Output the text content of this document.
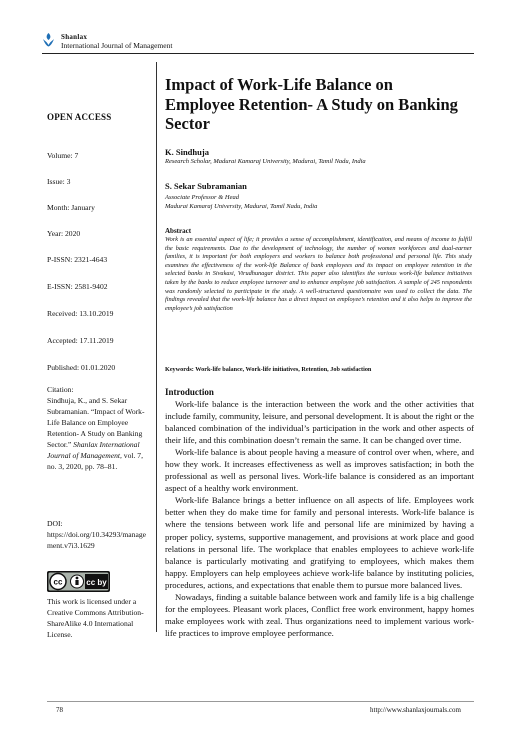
Shanlax
International Journal of Management
OPEN ACCESS
Volume: 7
Issue: 3
Month: January
Year: 2020
P-ISSN: 2321-4643
E-ISSN: 2581-9402
Received: 13.10.2019
Accepted: 17.11.2019
Published: 01.01.2020
Citation:
Sindhuja, K., and S. Sekar Subramanian. “Impact of Work-Life Balance on Employee Retention- A Study on Banking Sector.” Shanlax International Journal of Management, vol. 7, no. 3, 2020, pp. 78–81.
DOI:
https://doi.org/10.34293/management.v7i3.1629
cc	cc by
This work is licensed under a Creative Commons Attribution-ShareAlike 4.0 International License.
Impact of Work-Life Balance on Employee Retention- A Study on Banking Sector
K. Sindhuja
Research Scholar, Madurai Kamaraj University, Madurai, Tamil Nadu, India
S. Sekar Subramanian
Associate Professor & Head
Madurai Kamaraj University, Madurai, Tamil Nadu, India
Abstract
Work is an essential aspect of life; it provides a sense of accomplishment, identification, and means of income to fulfill the basic requirements. Due to the development of technology, the number of women workforces and dual-earner families, it is important for both employers and workers to balance both professional and personal life. This study examines the effectiveness of the work-life Balance of bank employees and its impact on employee retention in the selected banks in Sivakasi, Virudhunagar district. This paper also identifies the various work-life balance initiatives taken by the banks to reduce employee turnover and to enhance employee job satisfaction. A sample of 245 respondents was randomly selected to participate in the study. A well-structured questionnaire was used to collect the data. The findings revealed that the work-life balance has a direct impact on employee’s retention and it also helps to improve the employee’s job satisfaction
Keywords: Work-life balance, Work-life initiatives, Retention, Job satisfaction
Introduction

Work-life balance is the interaction between the work and the other activities that include family, community, leisure, and personal development. It is about the right or the balanced combination of the individual’s participation in the work and other aspects of their life, and this combination doesn’t remain the same. It can be changed over time.

Work-life balance is about people having a measure of control over when, where, and how they work. It increases effectiveness as well as improves satisfaction; in both the professional as well as personal lives. Work-life balance is considered as an important aspect of a healthy work environment.

Work-life Balance brings a better influence on all aspects of life. Employees work better when they do make time for family and personal interests. Work-life balance is where the tensions between work life and personal life are minimized by having a proper policy, systems, supportive management, and provisions at work place and good relations in personal life. The workplace that enables employees to achieve work-life balance is particularly motivating and gratifying to employees, which makes them happy. Employers can help employees achieve work-life balance by instituting policies, procedures, actions, and expectations that enable them to pursue more balanced lives.

Nowadays, finding a suitable balance between work and family life is a big challenge for the employees. Pleasant work places, Conflict free work environment, happy homes make employees work with zeal. Thus organizations need to implement various work-life practices to improve employee performance.

78	http://www.shanlaxjournals.com
